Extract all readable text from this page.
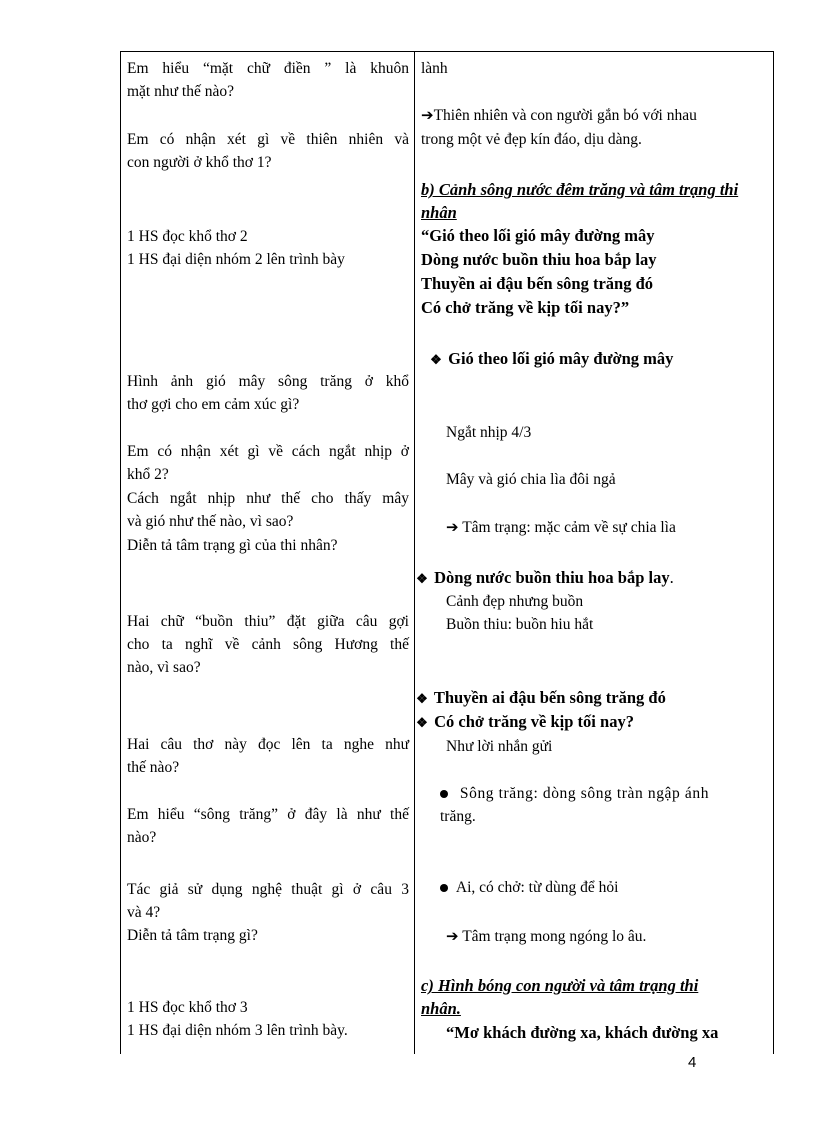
Em hiểu “mặt chữ điền ” là khuôn
mặt như thế nào?
Em có nhận xét gì về thiên nhiên và
con người ở khổ thơ 1?
1 HS đọc khổ thơ 2
1 HS đại diện nhóm 2 lên trình bày
Hình ảnh gió mây sông trăng ở khổ
thơ gợi cho em cảm xúc gì?
Em có nhận xét gì về cách ngắt nhịp ở
khổ 2?
Cách ngắt nhịp như thế cho thấy mây
và gió như thế nào, vì sao?
Diễn tả tâm trạng gì của thi nhân?
Hai chữ “buồn thiu” đặt giữa câu gợi
cho ta nghĩ về cảnh sông Hương thế
nào, vì sao?
Hai câu thơ này đọc lên ta nghe như
thế nào?
Em hiểu “sông trăng” ở đây là như thế
nào?
Tác giả sử dụng nghệ thuật gì ở câu 3
và 4?
Diễn tả tâm trạng gì?
1 HS đọc khổ thơ 3
1 HS đại diện nhóm 3 lên trình bày.
lành
➔Thiên nhiên và con người gắn bó với nhau
trong một vẻ đẹp kín đáo, dịu dàng.
b) Cảnh sông nước đêm trăng và tâm trạng thi
nhân
“Gió theo lối gió mây đường mây
Dòng nước buồn thiu hoa bắp lay
Thuyền ai đậu bến sông trăng đó
Có chở trăng về kịp tối nay?”
❖ Gió theo lối gió mây đường mây
Ngắt nhịp 4/3
Mây và gió chia lìa đôi ngả
➔ Tâm trạng: mặc cảm về sự chia lìa
❖ Dòng nước buồn thiu hoa bắp lay.
Cảnh đẹp nhưng buồn
Buồn thiu: buồn hiu hắt
❖ Thuyền ai đậu bến sông trăng đó
❖ Có chở trăng về kịp tối nay?
Như lời nhắn gửi
Sông trăng: dòng sông tràn ngập ánh
trăng.
Ai, có chở: từ dùng để hỏi
➔ Tâm trạng mong ngóng lo âu.
c) Hình bóng con người và tâm trạng thi
nhân.
“Mơ khách đường xa, khách đường xa
4
